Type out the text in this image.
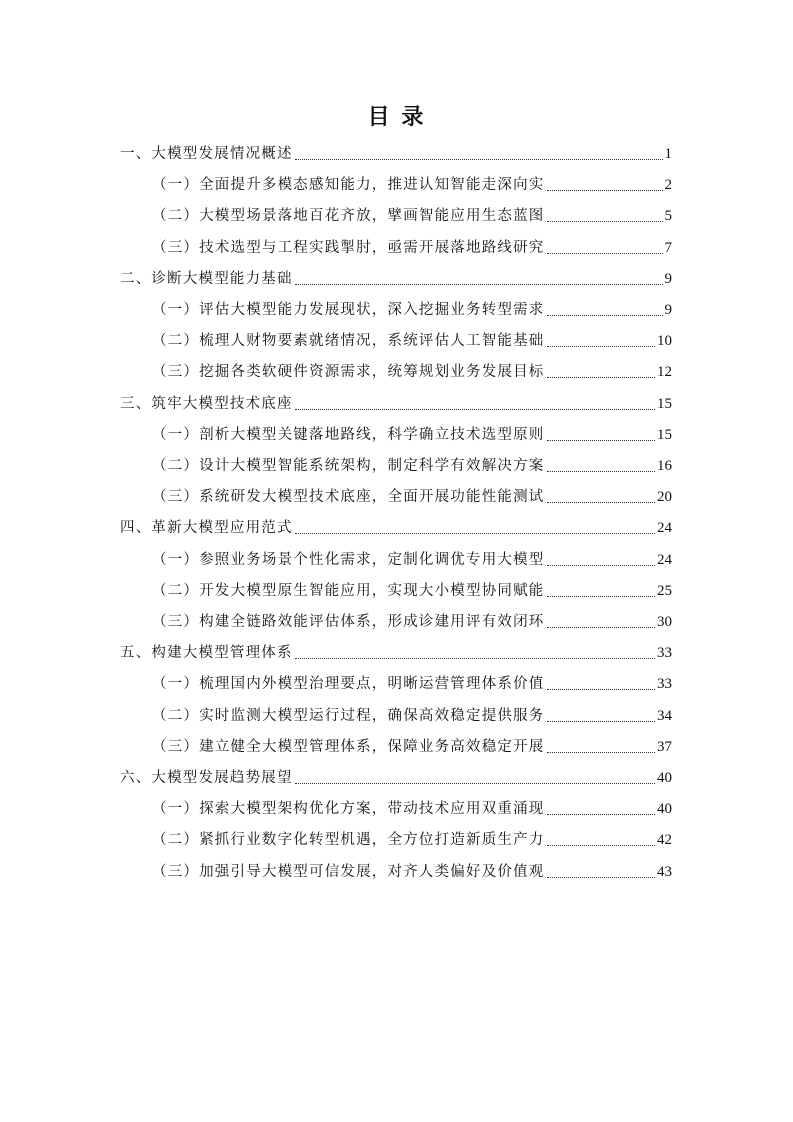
目 录
一、大模型发展情况概述	1
（一）全面提升多模态感知能力，推进认知智能走深向实	2
（二）大模型场景落地百花齐放，擘画智能应用生态蓝图	5
（三）技术选型与工程实践掣肘，亟需开展落地路线研究	7
二、诊断大模型能力基础	9
（一）评估大模型能力发展现状，深入挖掘业务转型需求	9
（二）梳理人财物要素就绪情况，系统评估人工智能基础	10
（三）挖掘各类软硬件资源需求，统筹规划业务发展目标	12
三、筑牢大模型技术底座	15
（一）剖析大模型关键落地路线，科学确立技术选型原则	15
（二）设计大模型智能系统架构，制定科学有效解决方案	16
（三）系统研发大模型技术底座，全面开展功能性能测试	20
四、革新大模型应用范式	24
（一）参照业务场景个性化需求，定制化调优专用大模型	24
（二）开发大模型原生智能应用，实现大小模型协同赋能	25
（三）构建全链路效能评估体系，形成诊建用评有效闭环	30
五、构建大模型管理体系	33
（一）梳理国内外模型治理要点，明晰运营管理体系价值	33
（二）实时监测大模型运行过程，确保高效稳定提供服务	34
（三）建立健全大模型管理体系，保障业务高效稳定开展	37
六、大模型发展趋势展望	40
（一）探索大模型架构优化方案，带动技术应用双重涌现	40
（二）紧抓行业数字化转型机遇，全方位打造新质生产力	42
（三）加强引导大模型可信发展，对齐人类偏好及价值观	43
